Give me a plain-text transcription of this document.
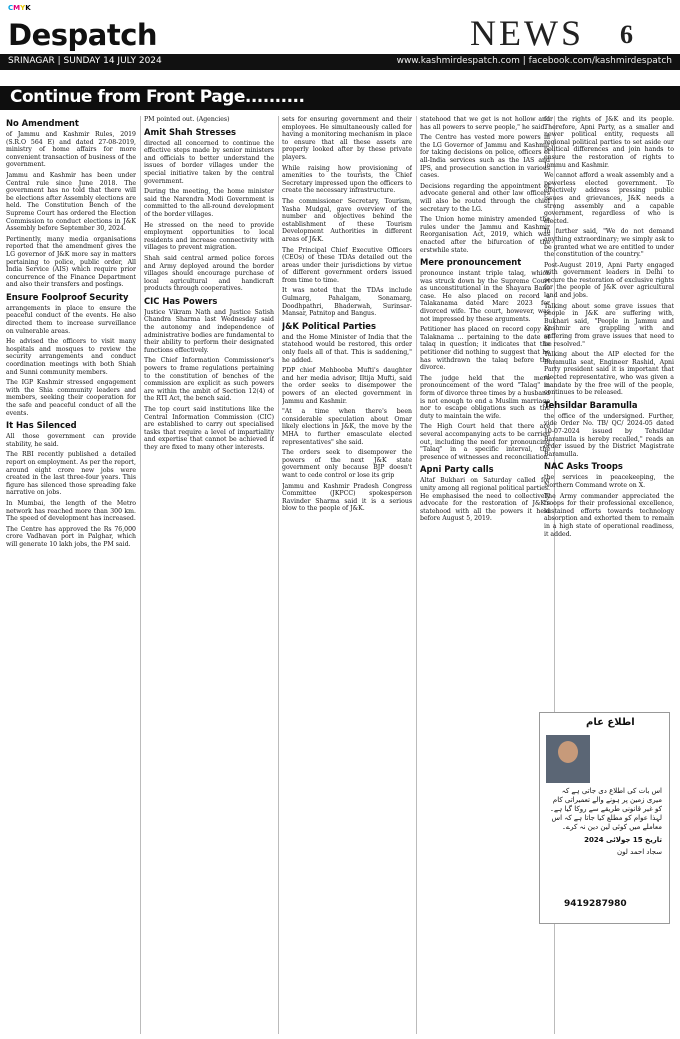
CMYK
Despatch	NEWS 6
SRINAGAR | SUNDAY 14 JULY 2024	www.kashmirdespatch.com | facebook.com/kashmirdespatch
Continue from Front Page..........
No Amendment

of Jammu and Kashmir Rules, 2019 (S.R.O 564 E) and dated 27-08-2019, ministry of home affairs for more convenient transaction of business of the government.

Jammu and Kashmir has been under Central rule since June 2018. The government has no told that there will be elections after Assembly elections are held. The Constitution Bench of the Supreme Court has ordered the Election Commission to conduct elections in J&K Assembly before September 30, 2024.

Pertinently, many media organisations reported that the amendment gives the LG governor of J&K more say in matters pertaining to police, public order, All India Service (AIS) which require prior concurrence of the Finance Department and also their transfers and postings.

Ensure Foolproof Security

arrangements in place to ensure the peaceful conduct of the events. He also directed them to increase surveillance on vulnerable areas.

He advised the officers to visit many hospitals and mosques to review the security arrangements and conduct coordination meetings with both Shiah and Sunni community members.

The IGP Kashmir stressed engagement with the Shia community leaders and members, seeking their cooperation for the safe and peaceful conduct of all the events.

It Has Silenced

All those government can provide stability, he said.

The RBI recently published a detailed report on employment. As per the report, around eight crore new jobs were created in the last three-four years. This figure has silenced those spreading fake narrative on jobs.

In Mumbai, the length of the Metro network has reached more than 300 km. The speed of development has increased.

The Centre has approved the Rs 76,000 crore Vadhavan port in Palghar, which will generate 10 lakh jobs, the PM said.

PM pointed out. (Agencies)

Amit Shah Stresses

directed all concerned to continue the effective steps made by senior ministers and officials to better understand the issues of border villages under the special initiative taken by the central government.

During the meeting, the home minister said the Narendra Modi Government is committed to the all-round development of the border villages.

He stressed on the need to provide employment opportunities to local residents and increase connectivity with villages to prevent migration.

Shah said central armed police forces and Army deployed around the border villages should encourage purchase of local agricultural and handicraft products through cooperatives.

CIC Has Powers

Justice Vikram Nath and Justice Satish Chandra Sharma last Wednesday said the autonomy and independence of administrative bodies are fundamental to their ability to perform their designated functions effectively.

The Chief Information Commissioner's powers to frame regulations pertaining to the constitution of benches of the commission are explicit as such powers are within the ambit of Section 12(4) of the RTI Act, the bench said.

The top court said institutions like the Central Information Commission (CIC) are established to carry out specialised tasks that require a level of impartiality and expertise that cannot be achieved if they are fixed to many other interests.

sets for ensuring government and their employees. He simultaneously called for having a monitoring mechanism in place to ensure that all these assets are properly looked after by these private players.

While raising how provisioning of amenities to the tourists, the Chief Secretary impressed upon the officers to create the necessary infrastructure.

The commissioner Secretary, Tourism, Yasha Mudgal, gave overview of the number and objectives behind the establishment of these Tourism Development Authorities in different areas of J&K.

The Principal Chief Executive Officers (CEOs) of these TDAs detailed out the areas under their jurisdictions by virtue of different government orders issued from time to time.

It was noted that the TDAs include Gulmarg, Pahalgam, Sonamarg, Doodhpathri, Bhaderwah, Surinsar-Mansar, Patnitop and Bangus.

J&K Political Parties

and the Home Minister of India that the statehood would be restored, this order only fuels all of that. This is saddening," he added.

PDP chief Mehbooba Mufti's daughter and her media advisor, Iltija Mufti, said the order seeks to disempower the powers of an elected government in Jammu and Kashmir.

"At a time when there's been considerable speculation about Omar likely elections in J&K, the move by the MHA to further emasculate elected representatives" she said.

The orders seek to disempower the powers of the next J&K state government only because BJP doesn't want to cede control or lose its grip

Jammu and Kashmir Pradesh Congress Committee (JKPCC) spokesperson Ravinder Sharma said it is a serious blow to the people of J&K.

statehood that we get is not hollow and has all powers to serve people," he said.

The Centre has vested more powers in the LG Governor of Jammu and Kashmir for taking decisions on police, officers of all-India services such as the IAS and IPS, and prosecution sanction in various cases.

Decisions regarding the appointment of advocate general and other law officers will also be routed through the chief secretary to the LG.

The Union home ministry amended the rules under the Jammu and Kashmir Reorganisation Act, 2019, which was enacted after the bifurcation of the erstwhile state.

Mere pronouncement

pronounce instant triple talaq, which was struck down by the Supreme Court as unconstitutional in the Shayara Bano case. He also placed on record a Talakanama dated Marc 2023 for divorced wife. The court, however, was not impressed by these arguments.

Petitioner has placed on record copy of Talaknama ... pertaining to the date of talaq in question; it indicates that the petitioner did nothing to suggest that he has withdrawn the talaq before the divorce.

The judge held that the mere pronouncement of the word "Talaq" in form of divorce three times by a husband is not enough to end a Muslim marriage nor to escape obligations such as the duty to maintain the wife.

The High Court held that there are several accompanying acts to be carried out, including the need for pronouncing "Talaq" in a specific interval, the presence of witnesses and reconciliation.

Apni Party calls

Altaf Bukhari on Saturday called for unity among all regional political parties. He emphasised the need to collectively advocate for the restoration of J&K's statehood with all the powers it held before August 5, 2019.

for the rights of J&K and its people. Therefore, Apni Party, as a smaller and newer political entity, requests all regional political parties to set aside our political differences and join hands to ensure the restoration of rights to Jammu and Kashmir.

We cannot afford a weak assembly and a powerless elected government. To effectively address pressing public issues and grievances, J&K needs a strong assembly and a capable government, regardless of who is elected.

In further said, "We do not demand anything extraordinary; we simply ask to be granted what we are entitled to under the constitution of the country."

Post-August 2019, Apni Party engaged with government leaders in Delhi to secure the restoration of exclusive rights for the people of J&K over agricultural land and jobs.

Talking about some grave issues that people in J&K are suffering with, Bukhari said, "People in Jammu and Kashmir are grappling with and suffering from grave issues that need to be resolved."

Talking about the AIP elected for the Baramulla seat, Engineer Rashid, Apni Party president said it is important that elected representative, who was given a mandate by the free will of the people, continues to be released.

Tehsildar Baramulla

the office of the undersigned. Further, vide Order No. TB/ QC/ 2024-05 dated 10-07-2024 issued by Tehsildar Baramulla is hereby recalled," reads an order issued by the District Magistrate Baramulla.

NAC Asks Troops

the services in peacekeeping, the Northern Command wrote on X.

The Army commander appreciated the troops for their professional excellence, sustained efforts towards technology absorption and exhorted them to remain in a high state of operational readiness, it added.

اطلاع عام
اس بات کی اطلاع دی جاتی ہے کہ میری زمین پر ہونے والے تعمیراتی کام کو غیر قانونی طریقے سے روکا گیا ہے۔ لہذا عوام کو مطلع کیا جاتا ہے کہ اس معاملے میں کوئی لین دین نہ کرے۔
تاریخ 15 جولائی 2024
سجاد احمد لون
9419287980
